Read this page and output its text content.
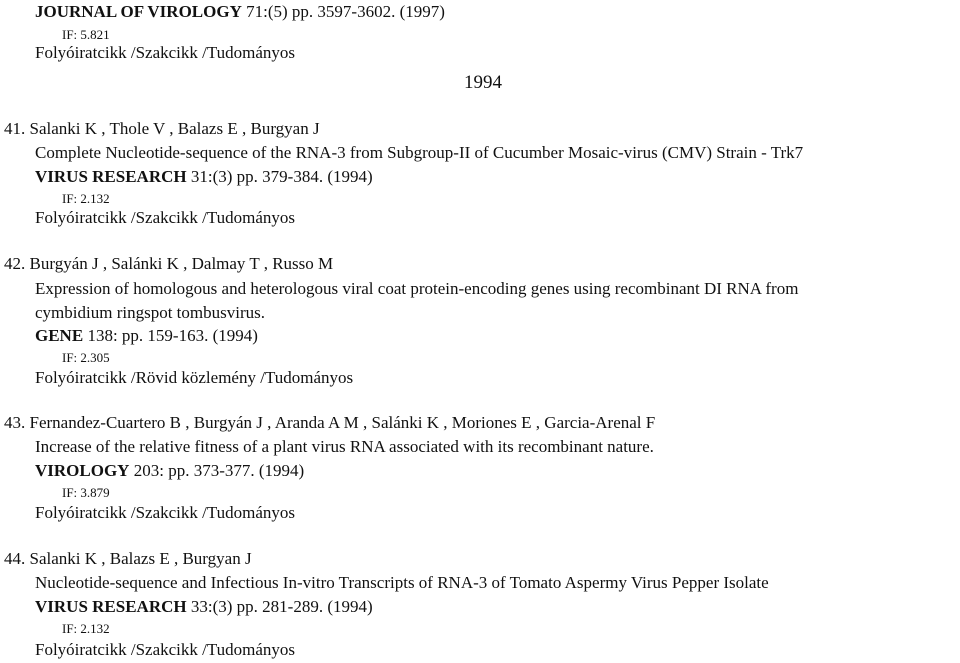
JOURNAL OF VIROLOGY 71:(5) pp. 3597-3602. (1997)
IF: 5.821
Folyóiratcikk /Szakcikk /Tudományos
1994
41. Salanki K , Thole V , Balazs E , Burgyan J
Complete Nucleotide-sequence of the RNA-3 from Subgroup-II of Cucumber Mosaic-virus (CMV) Strain - Trk7
VIRUS RESEARCH 31:(3) pp. 379-384. (1994)
IF: 2.132
Folyóiratcikk /Szakcikk /Tudományos
42. Burgyán J , Salánki K , Dalmay T , Russo M
Expression of homologous and heterologous viral coat protein-encoding genes using recombinant DI RNA from
cymbidium ringspot tombusvirus.
GENE 138: pp. 159-163. (1994)
IF: 2.305
Folyóiratcikk /Rövid közlemény /Tudományos
43. Fernandez-Cuartero B , Burgyán J , Aranda A M , Salánki K , Moriones E , Garcia-Arenal F
Increase of the relative fitness of a plant virus RNA associated with its recombinant nature.
VIROLOGY 203: pp. 373-377. (1994)
IF: 3.879
Folyóiratcikk /Szakcikk /Tudományos
44. Salanki K , Balazs E , Burgyan J
Nucleotide-sequence and Infectious In-vitro Transcripts of RNA-3 of Tomato Aspermy Virus Pepper Isolate
VIRUS RESEARCH 33:(3) pp. 281-289. (1994)
IF: 2.132
Folyóiratcikk /Szakcikk /Tudományos
